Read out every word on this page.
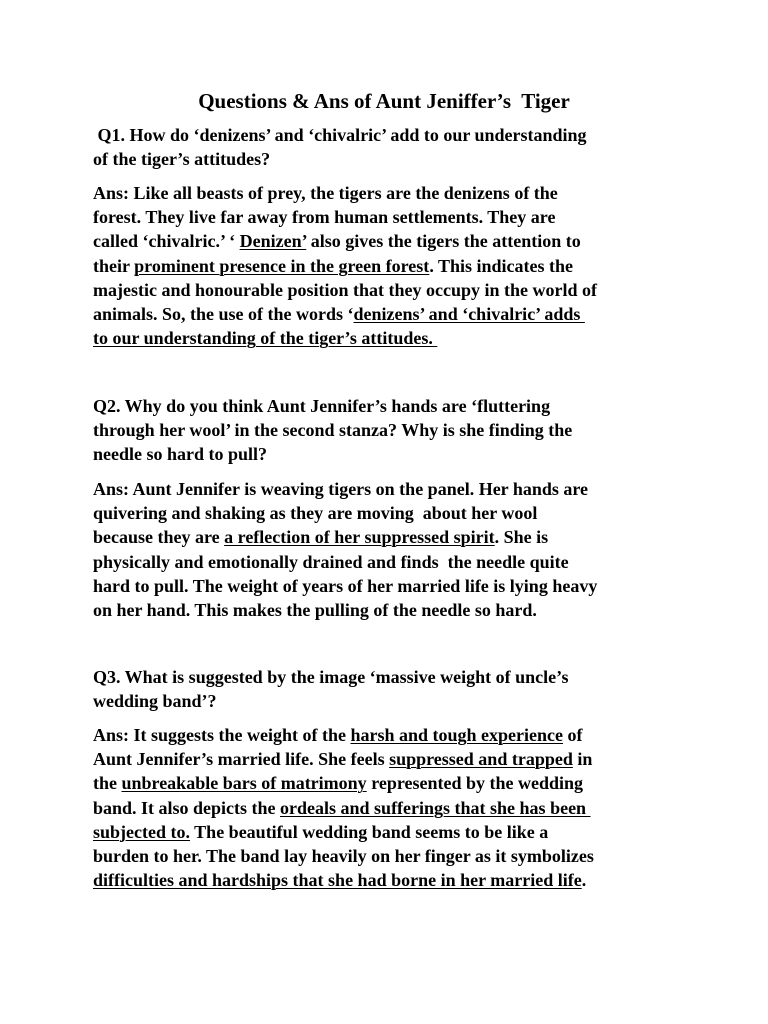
Questions & Ans of Aunt Jeniffer’s  Tiger
Q1. How do ‘denizens’ and ‘chivalric’ add to our understanding
of the tiger’s attitudes?
Ans: Like all beasts of prey, the tigers are the denizens of the
forest. They live far away from human settlements. They are
called ‘chivalric.’ ‘ Denizen’ also gives the tigers the attention to
their prominent presence in the green forest. This indicates the
majestic and honourable position that they occupy in the world of
animals. So, the use of the words ‘denizens’ and ‘chivalric’ adds
to our understanding of the tiger’s attitudes.
Q2. Why do you think Aunt Jennifer’s hands are ‘fluttering
through her wool’ in the second stanza? Why is she finding the
needle so hard to pull?
Ans: Aunt Jennifer is weaving tigers on the panel. Her hands are
quivering and shaking as they are moving  about her wool
because they are a reflection of her suppressed spirit. She is
physically and emotionally drained and finds  the needle quite
hard to pull. The weight of years of her married life is lying heavy
on her hand. This makes the pulling of the needle so hard.
Q3. What is suggested by the image ‘massive weight of uncle’s
wedding band’?
Ans: It suggests the weight of the harsh and tough experience of
Aunt Jennifer’s married life. She feels suppressed and trapped in
the unbreakable bars of matrimony represented by the wedding
band. It also depicts the ordeals and sufferings that she has been
subjected to. The beautiful wedding band seems to be like a
burden to her. The band lay heavily on her finger as it symbolizes
difficulties and hardships that she had borne in her married life.
